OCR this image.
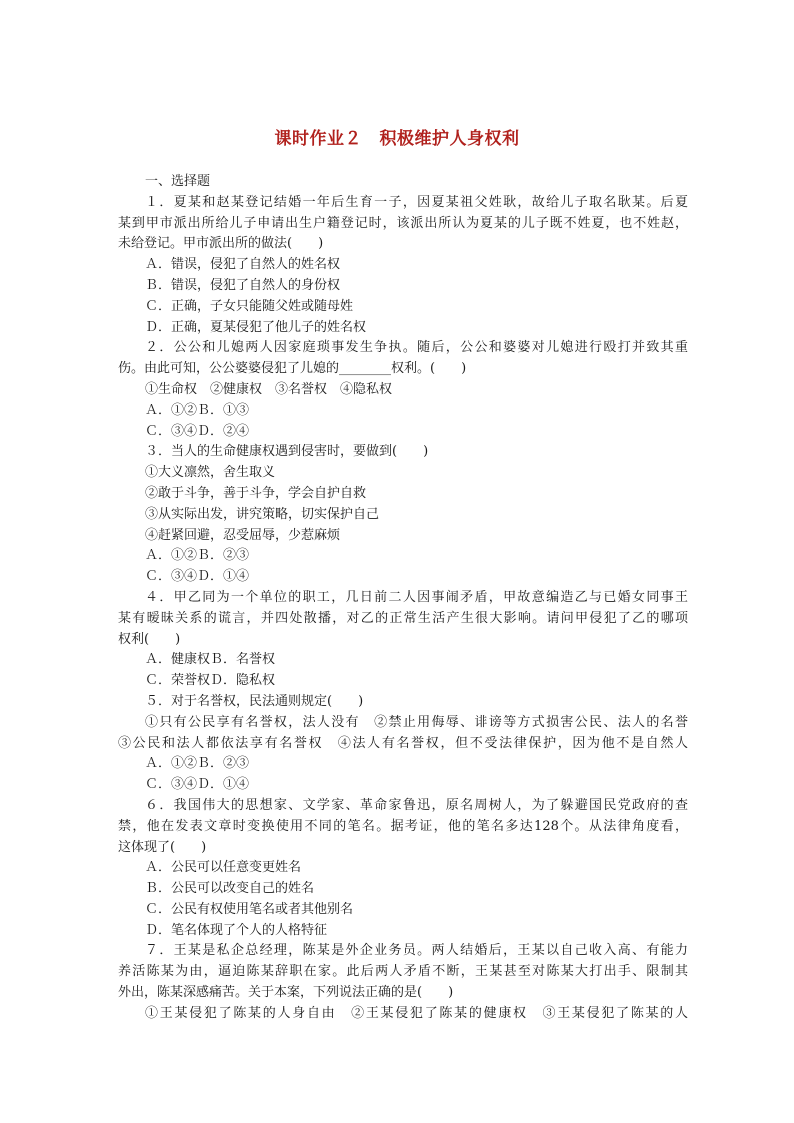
课时作业２　积极维护人身权利
一、选择题
１．夏某和赵某登记结婚一年后生育一子，因夏某祖父姓耿，故给儿子取名耿某。后夏
某到甲市派出所给儿子申请出生户籍登记时，该派出所认为夏某的儿子既不姓夏，也不姓赵，
未给登记。甲市派出所的做法(　　)
Ａ．错误，侵犯了自然人的姓名权
Ｂ．错误，侵犯了自然人的身份权
Ｃ．正确，子女只能随父姓或随母姓
Ｄ．正确，夏某侵犯了他儿子的姓名权
２．公公和儿媳两人因家庭琐事发生争执。随后，公公和婆婆对儿媳进行殴打并致其重
伤。由此可知，公公婆婆侵犯了儿媳的________权利。(　　)
①生命权　②健康权　③名誉权　④隐私权
Ａ．①②Ｂ．①③
Ｃ．③④Ｄ．②④
３．当人的生命健康权遇到侵害时，要做到(　　)
①大义凛然，舍生取义
②敢于斗争，善于斗争，学会自护自救
③从实际出发，讲究策略，切实保护自己
④赶紧回避，忍受屈辱，少惹麻烦
Ａ．①②Ｂ．②③
Ｃ．③④Ｄ．①④
４．甲乙同为一个单位的职工，几日前二人因事闹矛盾，甲故意编造乙与已婚女同事王
某有暧昧关系的谎言，并四处散播，对乙的正常生活产生很大影响。请问甲侵犯了乙的哪项
权利(　　)
Ａ．健康权Ｂ．名誉权
Ｃ．荣誉权Ｄ．隐私权
５．对于名誉权，民法通则规定(　　)
①只有公民享有名誉权，法人没有　②禁止用侮辱、诽谤等方式损害公民、法人的名誉
③公民和法人都依法享有名誉权　④法人有名誉权，但不受法律保护，因为他不是自然人
Ａ．①②Ｂ．②③
Ｃ．③④Ｄ．①④
６．我国伟大的思想家、文学家、革命家鲁迅，原名周树人，为了躲避国民党政府的查
禁，他在发表文章时变换使用不同的笔名。据考证，他的笔名多达128个。从法律角度看，
这体现了(　　)
Ａ．公民可以任意变更姓名
Ｂ．公民可以改变自己的姓名
Ｃ．公民有权使用笔名或者其他别名
Ｄ．笔名体现了个人的人格特征
７．王某是私企总经理，陈某是外企业务员。两人结婚后，王某以自己收入高、有能力
养活陈某为由，逼迫陈某辞职在家。此后两人矛盾不断，王某甚至对陈某大打出手、限制其
外出，陈某深感痛苦。关于本案，下列说法正确的是(　　)
①王某侵犯了陈某的人身自由　②王某侵犯了陈某的健康权　③王某侵犯了陈某的人
